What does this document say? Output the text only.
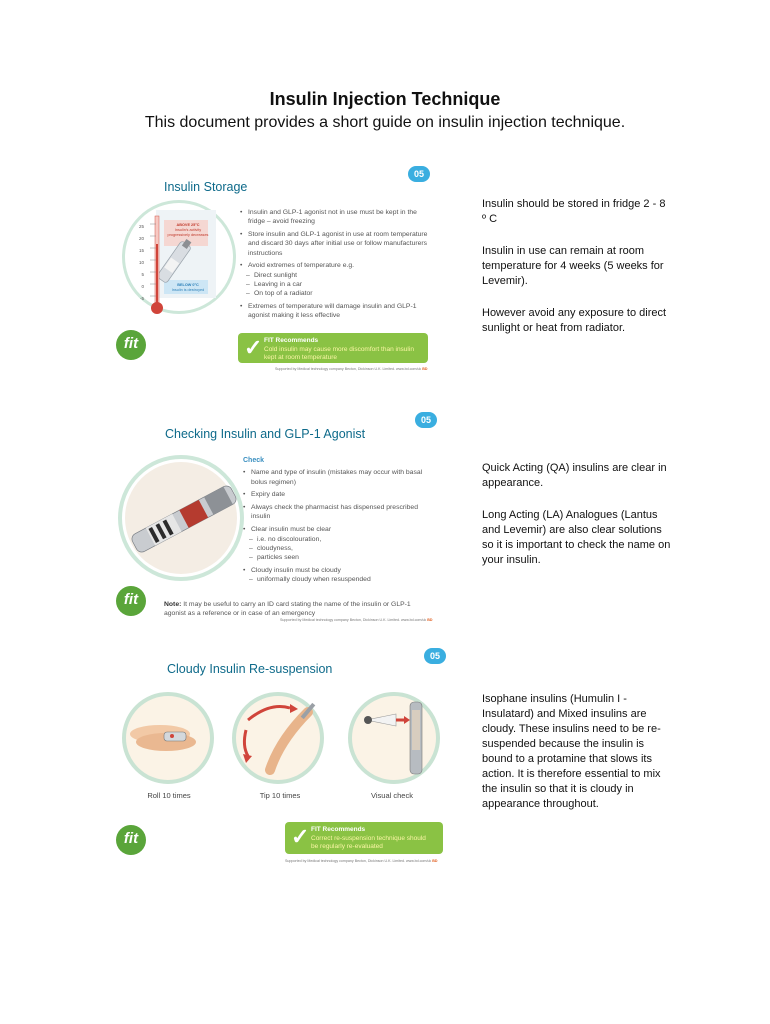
Insulin Injection Technique
This document provides a short guide on insulin injection technique.
05
Insulin Storage
25
20
15
10
5
0
-5
ABOVE 25°C
Insulin's activity progressively decreases
BELOW 0°C
Insulin is destroyed
• Insulin and GLP-1 agonist not in use must be kept in the fridge – avoid freezing
• Store insulin and GLP-1 agonist in use at room temperature and discard 30 days after initial use or follow manufacturers instructions
• Avoid extremes of temperature e.g.
– Direct sunlight
– Leaving in a car
– On top of a radiator
• Extremes of temperature will damage insulin and GLP-1 agonist making it less effective
fit	✓ FIT Recommends
Cold insulin may cause more discomfort than insulin kept at room temperature
Supported by Medical technology company Becton, Dickinson U.K. Limited. www.bd.com/uk BD

Insulin should be stored in fridge 2 - 8 º C

Insulin in use can remain at room temperature for 4 weeks (5 weeks for Levemir).

However avoid any exposure to direct sunlight or heat from radiator.

05
Checking Insulin and GLP-1 Agonist
Check
• Name and type of insulin (mistakes may occur with basal bolus regimen)
• Expiry date
• Always check the pharmacist has dispensed prescribed insulin
• Clear insulin must be clear
– i.e. no discolouration,
– cloudyness,
– particles seen
• Cloudy insulin must be cloudy
– uniformally cloudy when resuspended
fit	Note: It may be useful to carry an ID card stating the name of the insulin or GLP-1 agonist as a reference or in case of an emergency
Supported by Medical technology company Becton, Dickinson U.K. Limited. www.bd.com/uk BD

Quick Acting (QA) insulins are clear in appearance.

Long Acting (LA) Analogues (Lantus and Levemir) are also clear solutions so it is important to check the name on your insulin.

05
Cloudy Insulin Re-suspension
Roll 10 times	Tip 10 times	Visual check
fit	✓ FIT Recommends
Correct re-suspension technique should be regularly re-evaluated
Supported by Medical technology company Becton, Dickinson U.K. Limited. www.bd.com/uk BD

Isophane insulins (Humulin I - Insulatard) and Mixed insulins are cloudy. These insulins need to be re-suspended because the insulin is bound to a protamine that slows its action. It is therefore essential to mix the insulin so that it is cloudy in appearance throughout.
